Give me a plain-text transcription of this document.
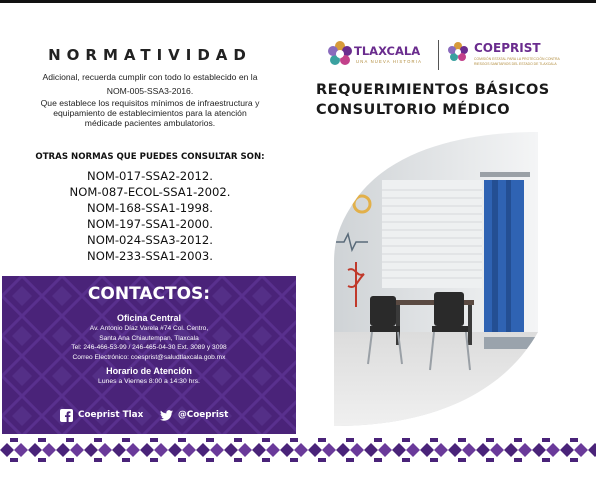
NORMATIVIDAD
Adicional, recuerda cumplir con todo lo establecido en la
NOM-005-SSA3-2016.
Que establece los requisitos mínimos de infraestructura y
equipamiento de establecimientos para la atención
médicade pacientes ambulatorios.
OTRAS NORMAS QUE PUEDES CONSULTAR SON:
NOM-017-SSA2-2012.
NOM-087-ECOL-SSA1-2002.
NOM-168-SSA1-1998.
NOM-197-SSA1-2000.
NOM-024-SSA3-2012.
NOM-233-SSA1-2003.
CONTACTOS:
Oficina Central
Av. Antonio Díaz Varela #74 Col. Centro,
Santa Ana Chiautempan, Tlaxcala
Tel: 246-466-53-99 / 246-465-04-30 Ext. 3089 y 3098
Correo Electrónico: coesprist@saludtlaxcala.gob.mx
Horario de Atención
Lunes a Viernes 8:00 a 14:30 hrs.
Coeprist Tlax	@Coeprist
TLAXCALA
UNA NUEVA HISTORIA
COEPRIST
COMISIÓN ESTATAL PARA LA PROTECCIÓN CONTRA RIESGOS SANITARIOS DEL ESTADO DE TLAXCALA
REQUERIMIENTOS BÁSICOS
CONSULTORIO MÉDICO
